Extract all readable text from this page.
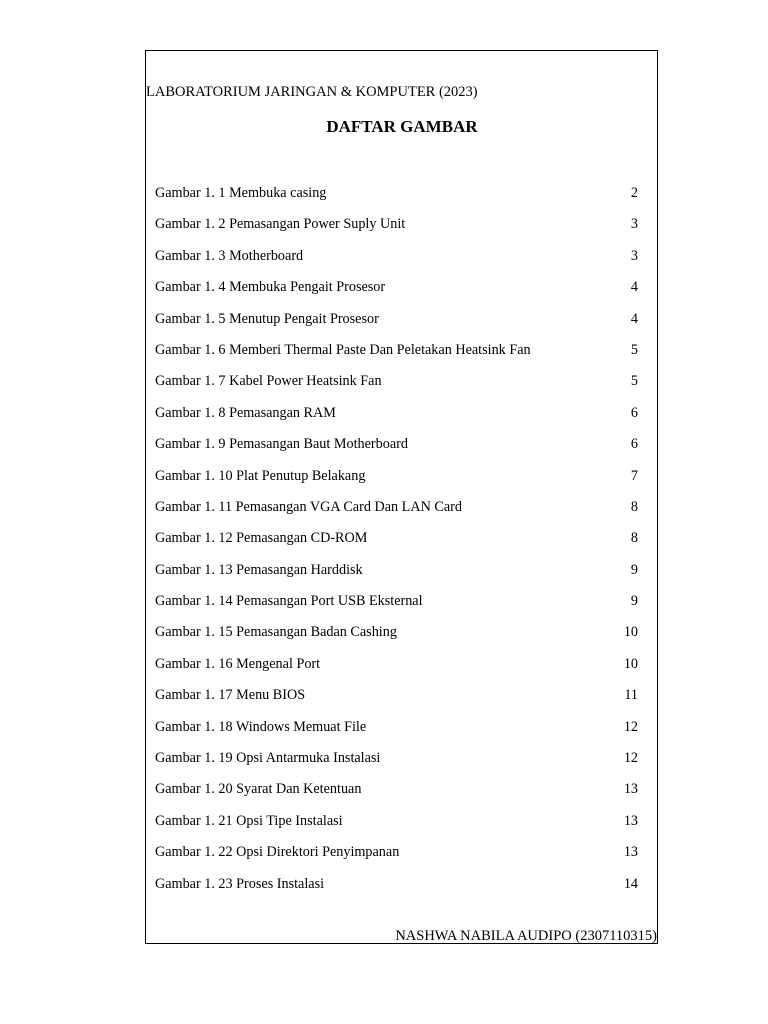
LABORATORIUM JARINGAN & KOMPUTER (2023)
DAFTAR GAMBAR
Gambar 1. 1 Membuka casing	2
Gambar 1. 2 Pemasangan Power Suply Unit	3
Gambar 1. 3 Motherboard	3
Gambar 1. 4 Membuka Pengait Prosesor	4
Gambar 1. 5 Menutup Pengait Prosesor	4
Gambar 1. 6 Memberi Thermal Paste Dan Peletakan Heatsink Fan	5
Gambar 1. 7 Kabel Power Heatsink Fan	5
Gambar 1. 8 Pemasangan RAM	6
Gambar 1. 9 Pemasangan Baut Motherboard	6
Gambar 1. 10 Plat Penutup Belakang	7
Gambar 1. 11 Pemasangan VGA Card Dan LAN Card	8
Gambar 1. 12 Pemasangan CD-ROM	8
Gambar 1. 13 Pemasangan Harddisk	9
Gambar 1. 14 Pemasangan Port USB Eksternal	9
Gambar 1. 15 Pemasangan Badan Cashing	10
Gambar 1. 16 Mengenal Port	10
Gambar 1. 17 Menu BIOS	11
Gambar 1. 18 Windows Memuat File	12
Gambar 1. 19 Opsi Antarmuka Instalasi	12
Gambar 1. 20 Syarat Dan Ketentuan	13
Gambar 1. 21 Opsi Tipe Instalasi	13
Gambar 1. 22 Opsi Direktori Penyimpanan	13
Gambar 1. 23 Proses Instalasi	14
NASHWA NABILA AUDIPO (2307110315)
